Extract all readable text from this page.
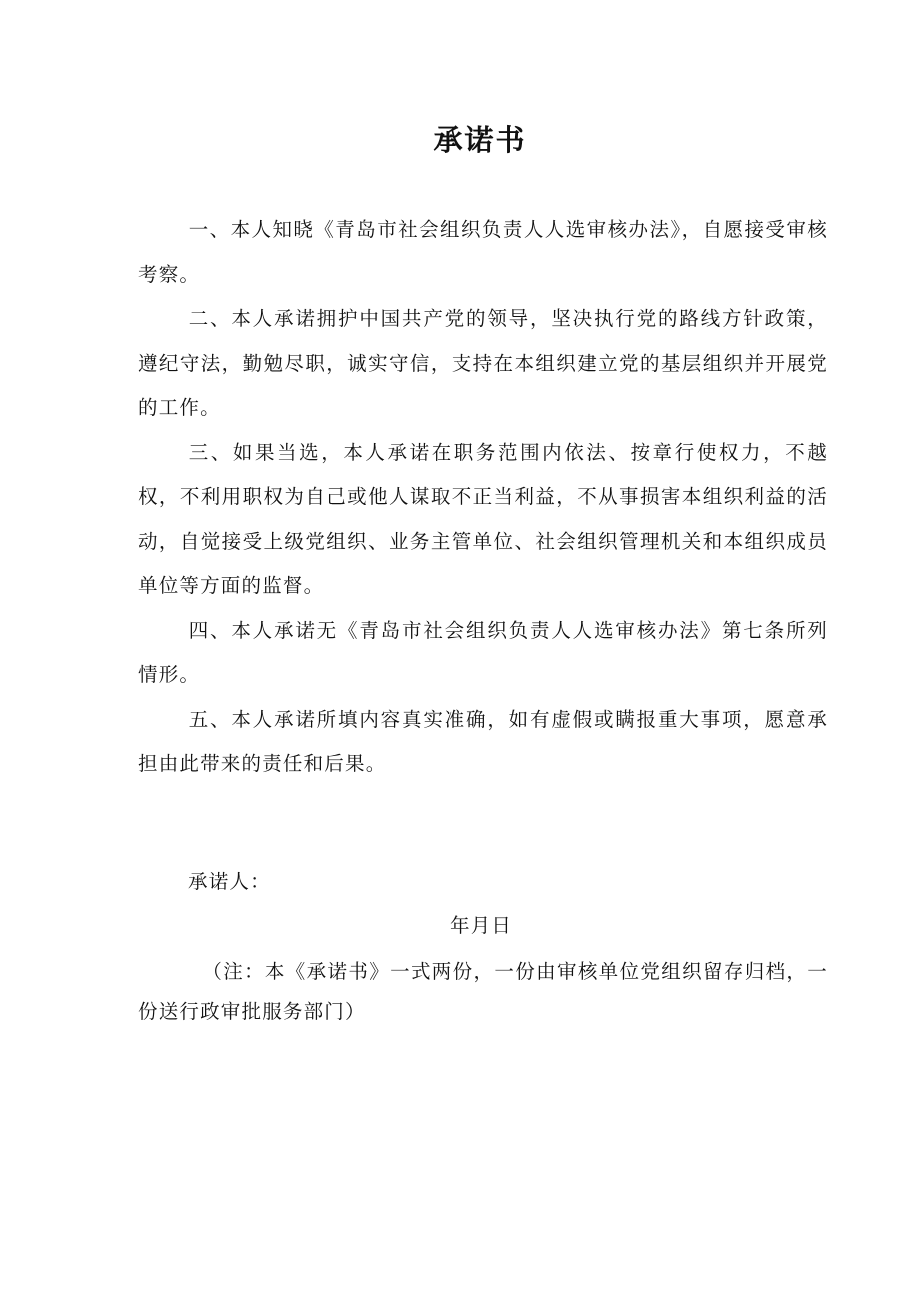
承诺书

一、本人知晓《青岛市社会组织负责人人选审核办法》，自愿接受审核考察。

二、本人承诺拥护中国共产党的领导，坚决执行党的路线方针政策，遵纪守法，勤勉尽职，诚实守信，支持在本组织建立党的基层组织并开展党的工作。

三、如果当选，本人承诺在职务范围内依法、按章行使权力，不越权，不利用职权为自己或他人谋取不正当利益，不从事损害本组织利益的活动，自觉接受上级党组织、业务主管单位、社会组织管理机关和本组织成员单位等方面的监督。

四、本人承诺无《青岛市社会组织负责人人选审核办法》第七条所列情形。

五、本人承诺所填内容真实准确，如有虚假或瞒报重大事项，愿意承担由此带来的责任和后果。

承诺人：
年月日

（注：本《承诺书》一式两份，一份由审核单位党组织留存归档，一份送行政审批服务部门）
